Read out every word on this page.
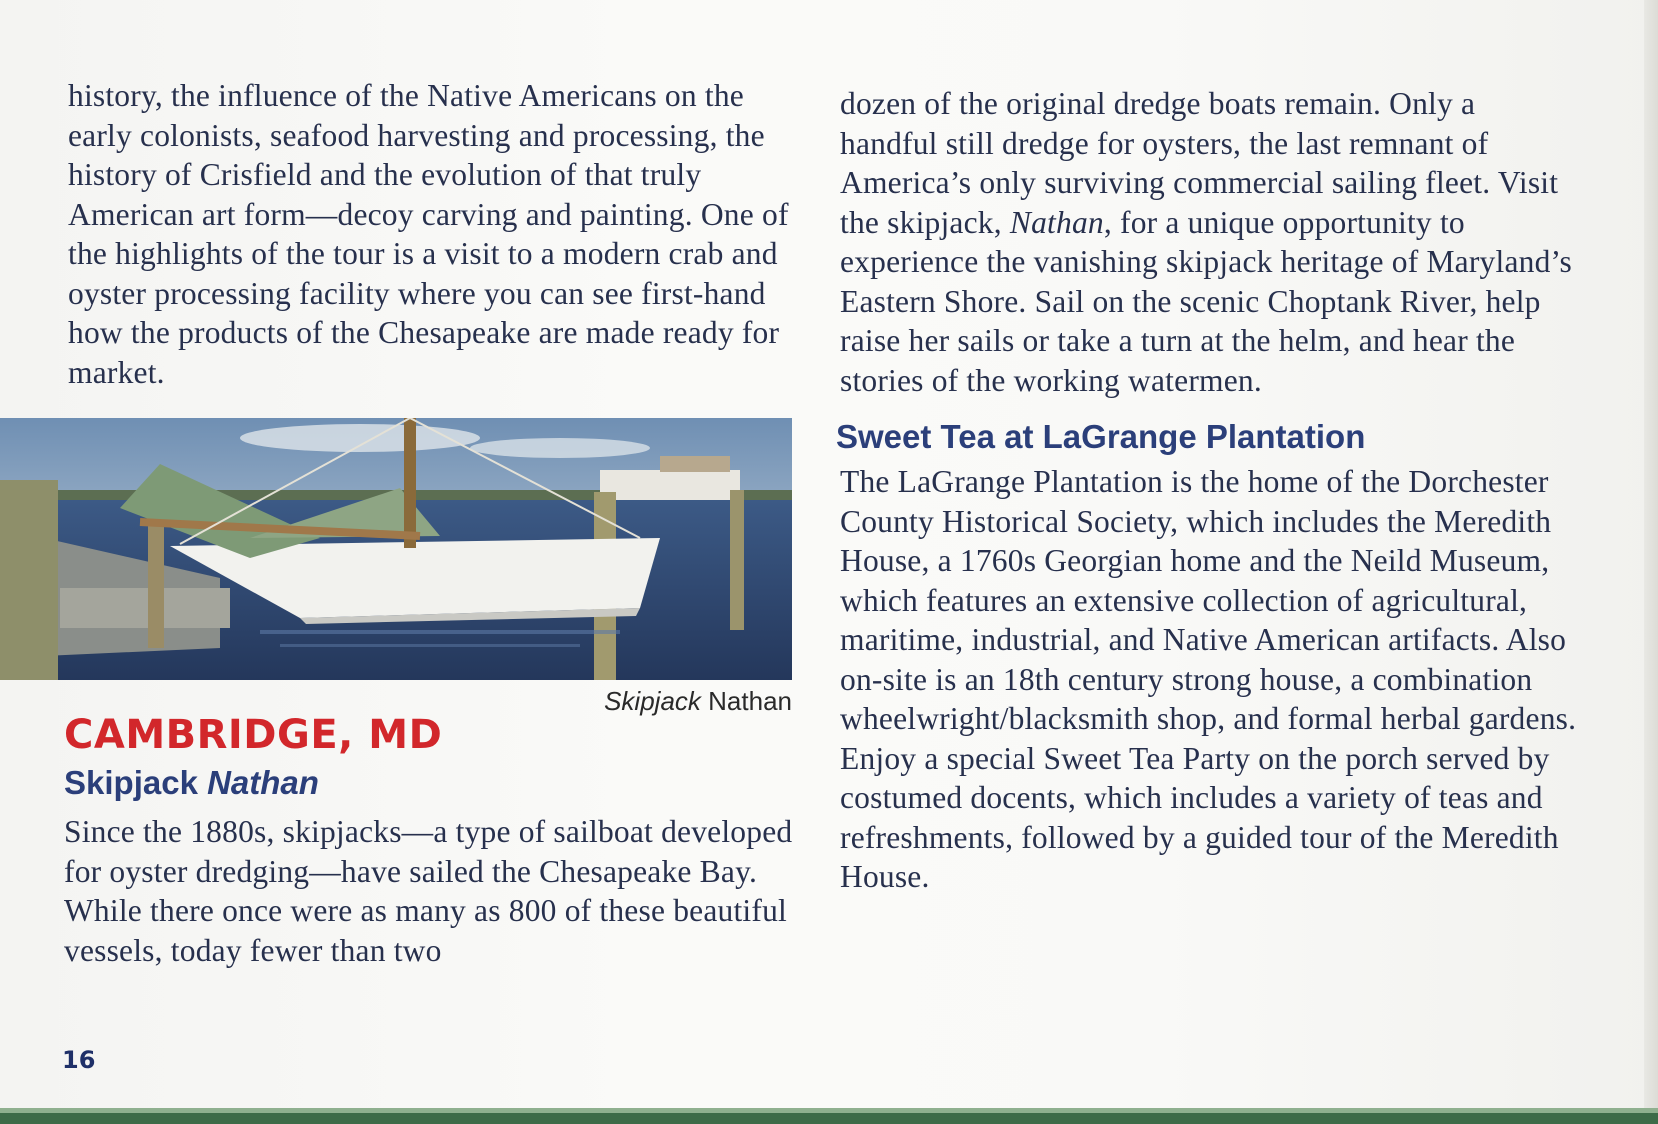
history, the influence of the Native Americans on the early colonists, seafood harvesting and processing, the history of Crisfield and the evolution of that truly American art form—decoy carving and painting. One of the highlights of the tour is a visit to a modern crab and oyster processing facility where you can see first-hand how the products of the Chesapeake are made ready for market.

Skipjack Nathan
CAMBRIDGE, MD
Skipjack Nathan

Since the 1880s, skipjacks—a type of sailboat developed for oyster dredging—have sailed the Chesapeake Bay. While there once were as many as 800 of these beautiful vessels, today fewer than two

dozen of the original dredge boats remain. Only a handful still dredge for oysters, the last remnant of America’s only surviving commercial sailing fleet. Visit the skipjack, Nathan, for a unique opportunity to experience the vanishing skipjack heritage of Maryland’s Eastern Shore. Sail on the scenic Choptank River, help raise her sails or take a turn at the helm, and hear the stories of the working watermen.

Sweet Tea at LaGrange Plantation

The LaGrange Plantation is the home of the Dorchester County Historical Society, which includes the Meredith House, a 1760s Georgian home and the Neild Museum, which features an extensive collection of agricultural, maritime, industrial, and Native American artifacts. Also on-site is an 18th century strong house, a combination wheelwright/blacksmith shop, and formal herbal gardens. Enjoy a special Sweet Tea Party on the porch served by costumed docents, which includes a variety of teas and refreshments, followed by a guided tour of the Meredith House.

16
